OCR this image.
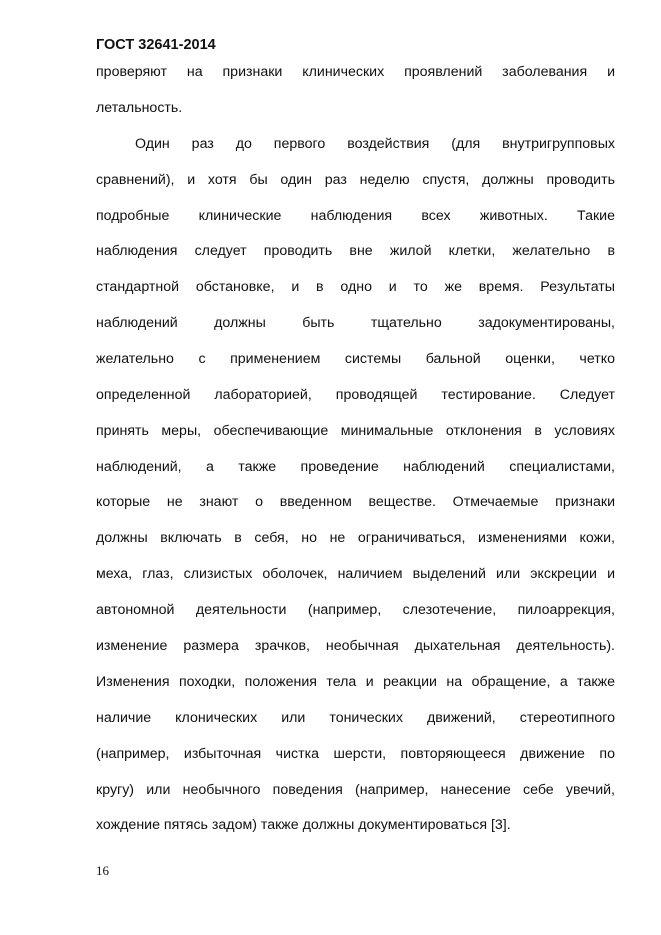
ГОСТ 32641-2014
проверяют на признаки клинических проявлений заболевания и
летальность.
Один раз до первого воздействия (для внутригрупповых
сравнений), и хотя бы один раз неделю спустя, должны проводить
подробные клинические наблюдения всех животных. Такие
наблюдения следует проводить вне жилой клетки, желательно в
стандартной обстановке, и в одно и то же время. Результаты
наблюдений должны быть тщательно задокументированы,
желательно с применением системы бальной оценки, четко
определенной лабораторией, проводящей тестирование. Следует
принять меры, обеспечивающие минимальные отклонения в условиях
наблюдений, а также проведение наблюдений специалистами,
которые не знают о введенном веществе. Отмечаемые признаки
должны включать в себя, но не ограничиваться, изменениями кожи,
меха, глаз, слизистых оболочек, наличием выделений или экскреции и
автономной деятельности (например, слезотечение, пилоаррекция,
изменение размера зрачков, необычная дыхательная деятельность).
Изменения походки, положения тела и реакции на обращение, а также
наличие клонических или тонических движений, стереотипного
(например, избыточная чистка шерсти, повторяющееся движение по
кругу) или необычного поведения (например, нанесение себе увечий,
хождение пятясь задом) также должны документироваться [3].
16
